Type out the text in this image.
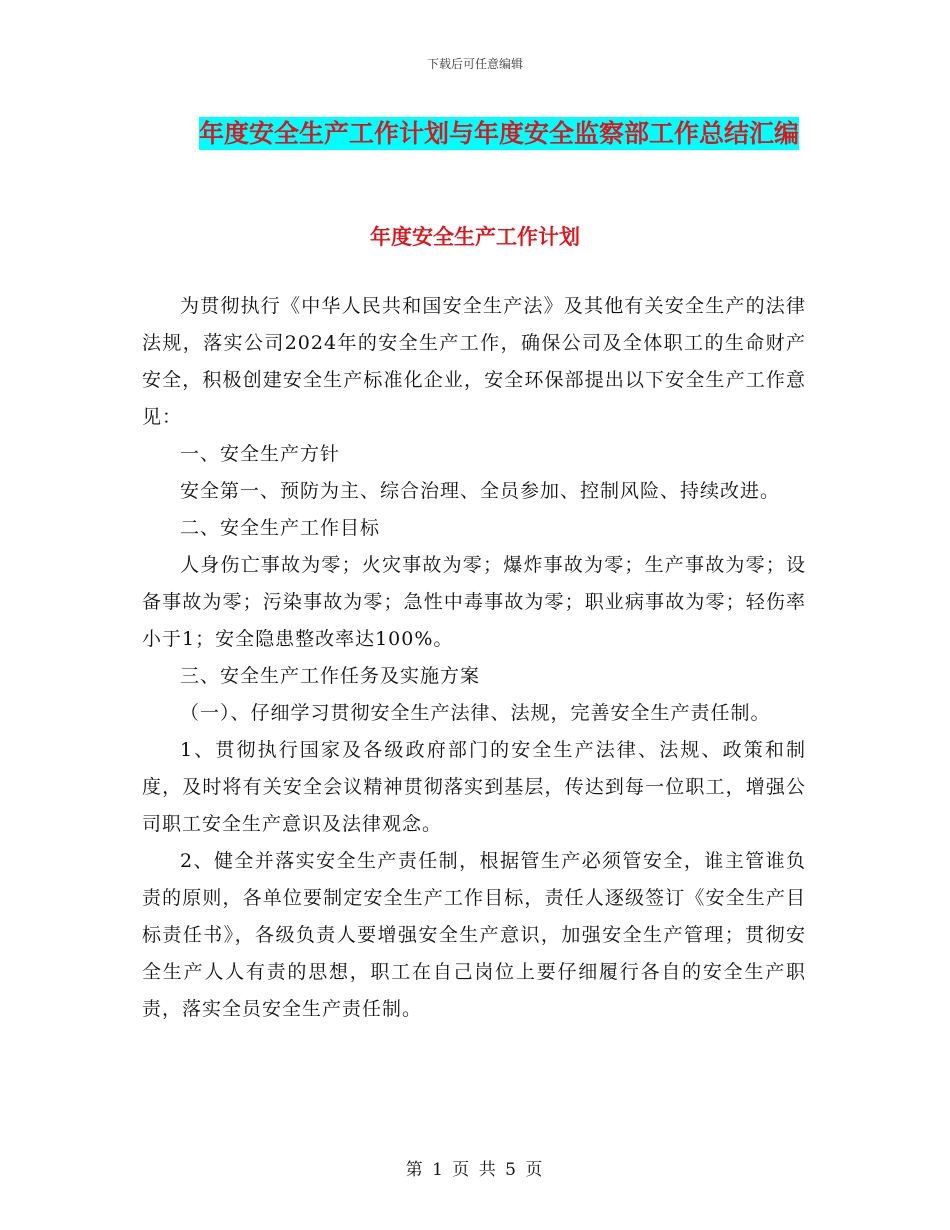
下载后可任意编辑
年度安全生产工作计划与年度安全监察部工作总结汇编
年度安全生产工作计划

为贯彻执行《中华人民共和国安全生产法》及其他有关安全生产的法律法规，落实公司2024年的安全生产工作，确保公司及全体职工的生命财产安全，积极创建安全生产标准化企业，安全环保部提出以下安全生产工作意见：

一、安全生产方针

安全第一、预防为主、综合治理、全员参加、控制风险、持续改进。

二、安全生产工作目标

人身伤亡事故为零；火灾事故为零；爆炸事故为零；生产事故为零；设备事故为零；污染事故为零；急性中毒事故为零；职业病事故为零；轻伤率小于1；安全隐患整改率达100%。

三、安全生产工作任务及实施方案

（一）、仔细学习贯彻安全生产法律、法规，完善安全生产责任制。

1、贯彻执行国家及各级政府部门的安全生产法律、法规、政策和制度，及时将有关安全会议精神贯彻落实到基层，传达到每一位职工，增强公司职工安全生产意识及法律观念。

2、健全并落实安全生产责任制，根据管生产必须管安全，谁主管谁负责的原则，各单位要制定安全生产工作目标，责任人逐级签订《安全生产目标责任书》，各级负责人要增强安全生产意识，加强安全生产管理；贯彻安全生产人人有责的思想，职工在自己岗位上要仔细履行各自的安全生产职责，落实全员安全生产责任制。

第 1 页 共 5 页
